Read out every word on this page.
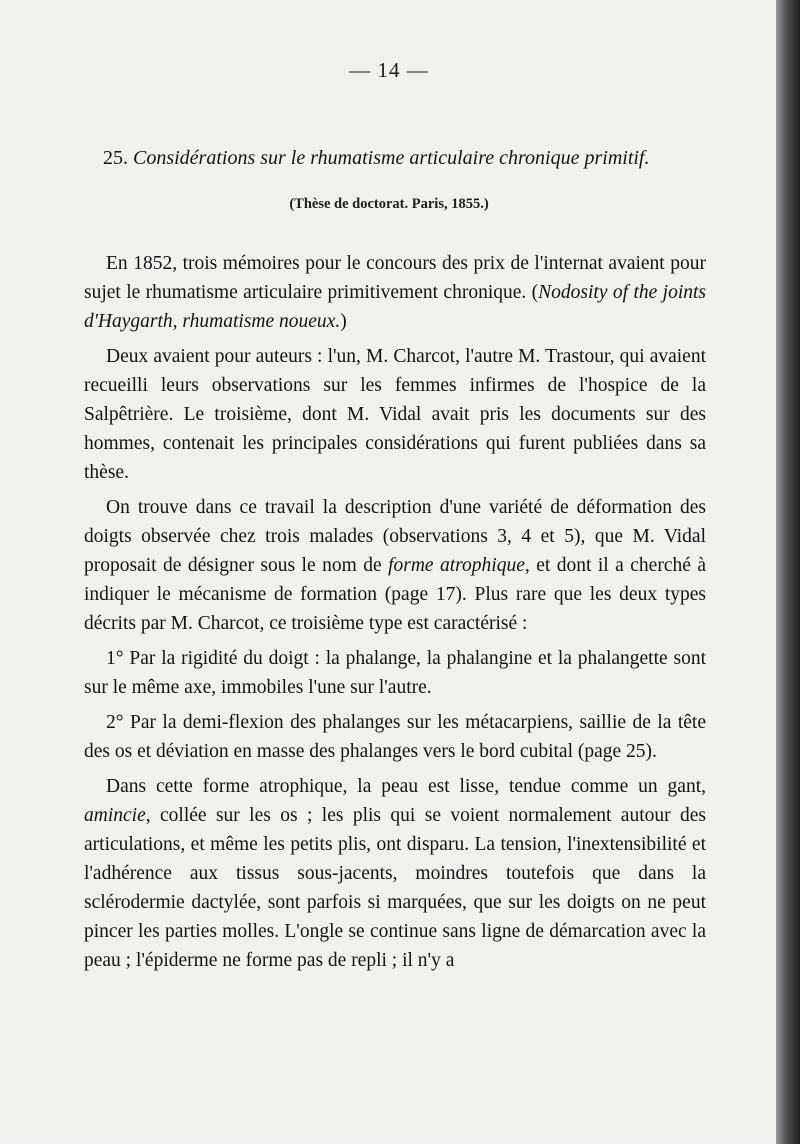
— 14 —
25. Considérations sur le rhumatisme articulaire chronique primitif.
(Thèse de doctorat. Paris, 1855.)

En 1852, trois mémoires pour le concours des prix de l'internat avaient pour sujet le rhumatisme articulaire primitivement chronique. (Nodosity of the joints d'Haygarth, rhumatisme noueux.)

Deux avaient pour auteurs : l'un, M. Charcot, l'autre M. Trastour, qui avaient recueilli leurs observations sur les femmes infirmes de l'hospice de la Salpêtrière. Le troisième, dont M. Vidal avait pris les documents sur des hommes, contenait les principales considérations qui furent publiées dans sa thèse.

On trouve dans ce travail la description d'une variété de déformation des doigts observée chez trois malades (observations 3, 4 et 5), que M. Vidal proposait de désigner sous le nom de forme atrophique, et dont il a cherché à indiquer le mécanisme de formation (page 17). Plus rare que les deux types décrits par M. Charcot, ce troisième type est caractérisé :

1° Par la rigidité du doigt : la phalange, la phalangine et la phalangette sont sur le même axe, immobiles l'une sur l'autre.

2° Par la demi-flexion des phalanges sur les métacarpiens, saillie de la tête des os et déviation en masse des phalanges vers le bord cubital (page 25).

Dans cette forme atrophique, la peau est lisse, tendue comme un gant, amincie, collée sur les os ; les plis qui se voient normalement autour des articulations, et même les petits plis, ont disparu. La tension, l'inextensibilité et l'adhérence aux tissus sous-jacents, moindres toutefois que dans la sclérodermie dactylée, sont parfois si marquées, que sur les doigts on ne peut pincer les parties molles. L'ongle se continue sans ligne de démarcation avec la peau ; l'épiderme ne forme pas de repli ; il n'y a
